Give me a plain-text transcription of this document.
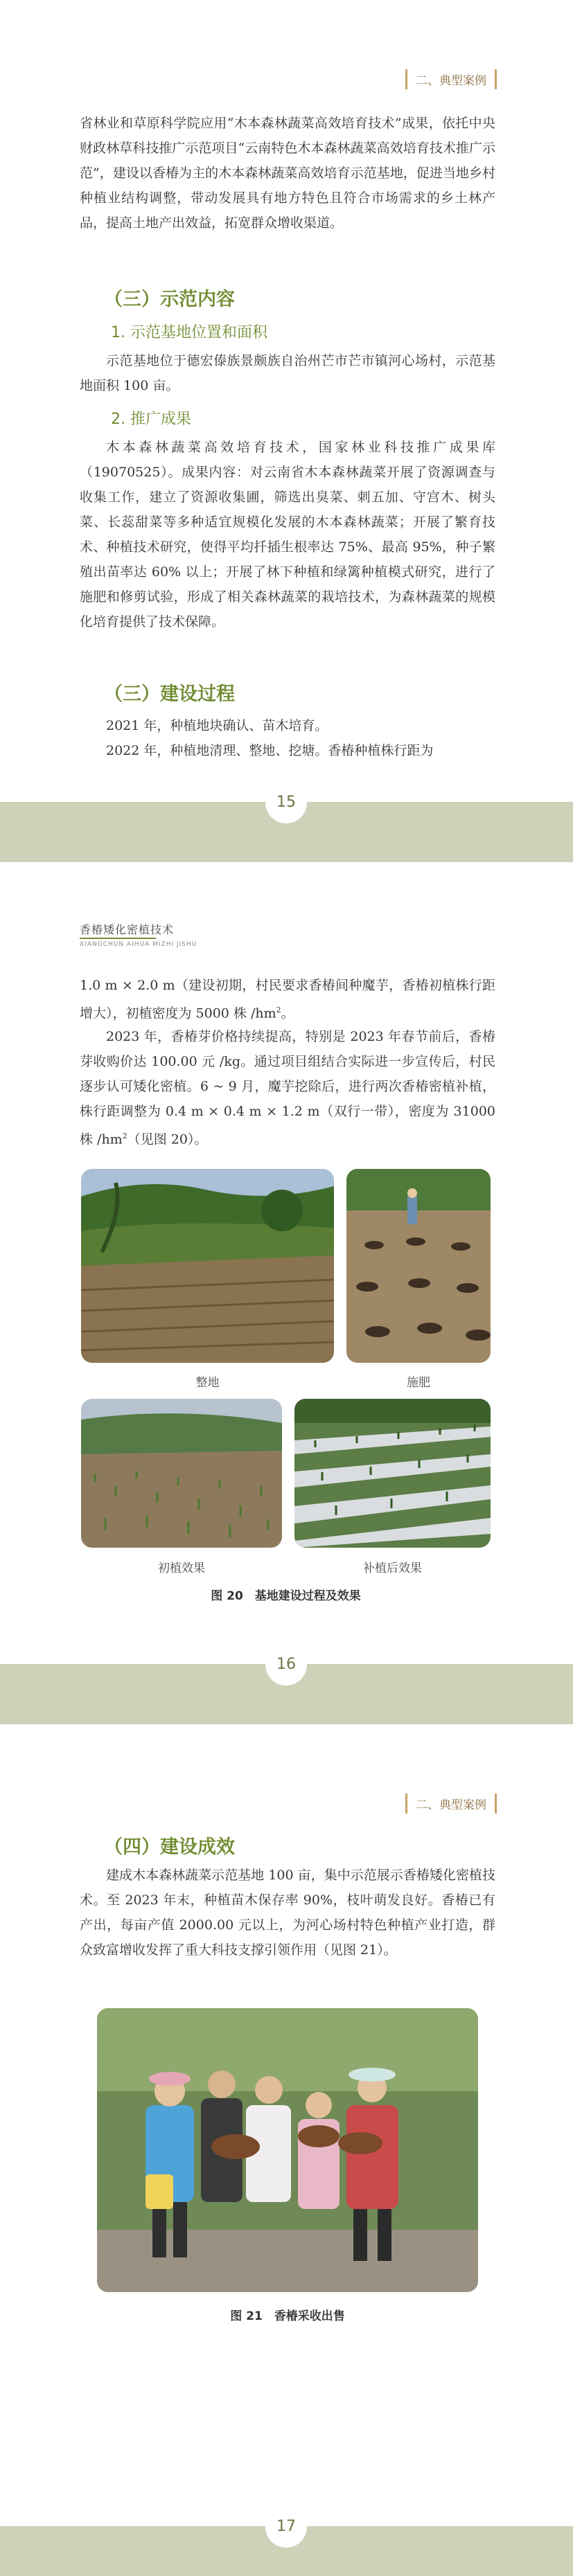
二、典型案例

省林业和草原科学院应用“木本森林蔬菜高效培育技术”成果，依托中央财政林草科技推广示范项目“云南特色木本森林蔬菜高效培育技术推广示范”，建设以香椿为主的木本森林蔬菜高效培育示范基地，促进当地乡村种植业结构调整，带动发展具有地方特色且符合市场需求的乡土林产品，提高土地产出效益，拓宽群众增收渠道。

（三）示范内容
1. 示范基地位置和面积

示范基地位于德宏傣族景颇族自治州芒市芒市镇河心场村，示范基地面积 100 亩。

2. 推广成果

木本森林蔬菜高效培育技术，国家林业科技推广成果库（19070525）。成果内容：对云南省木本森林蔬菜开展了资源调查与收集工作，建立了资源收集圃，筛选出臭菜、刺五加、守宫木、树头菜、长蕊甜菜等多种适宜规模化发展的木本森林蔬菜；开展了繁育技术、种植技术研究，使得平均扦插生根率达 75%、最高 95%，种子繁殖出苗率达 60% 以上；开展了林下种植和绿篱种植模式研究，进行了施肥和修剪试验，形成了相关森林蔬菜的栽培技术，为森林蔬菜的规模化培育提供了技术保障。

（三）建设过程

2021 年，种植地块确认、苗木培育。

2022 年，种植地清理、整地、挖塘。香椿种植株行距为

15
香椿矮化密植技术
XIANGCHUN AIHUA MIZHI JISHU

1.0 m × 2.0 m（建设初期，村民要求香椿间种魔芋，香椿初植株行距增大），初植密度为 5000 株 $/hm^2$。

2023 年，香椿芽价格持续提高，特别是 2023 年春节前后，香椿芽收购价达 100.00 元 /kg。通过项目组结合实际进一步宣传后，村民逐步认可矮化密植。6 ~ 9 月，魔芋挖除后，进行两次香椿密植补植，株行距调整为 0.4 m × 0.4 m × 1.2 m（双行一带），密度为 31000 株 $/hm^2$（见图 20）。

整地	施肥
初植效果	补植后效果
图 20　基地建设过程及效果
16
二、典型案例
（四）建设成效

建成木本森林蔬菜示范基地 100 亩，集中示范展示香椿矮化密植技术。至 2023 年末，种植苗木保存率 90%，枝叶萌发良好。香椿已有产出，每亩产值 2000.00 元以上，为河心场村特色种植产业打造，群众致富增收发挥了重大科技支撑引领作用（见图 21）。

图 21　香椿采收出售
17
